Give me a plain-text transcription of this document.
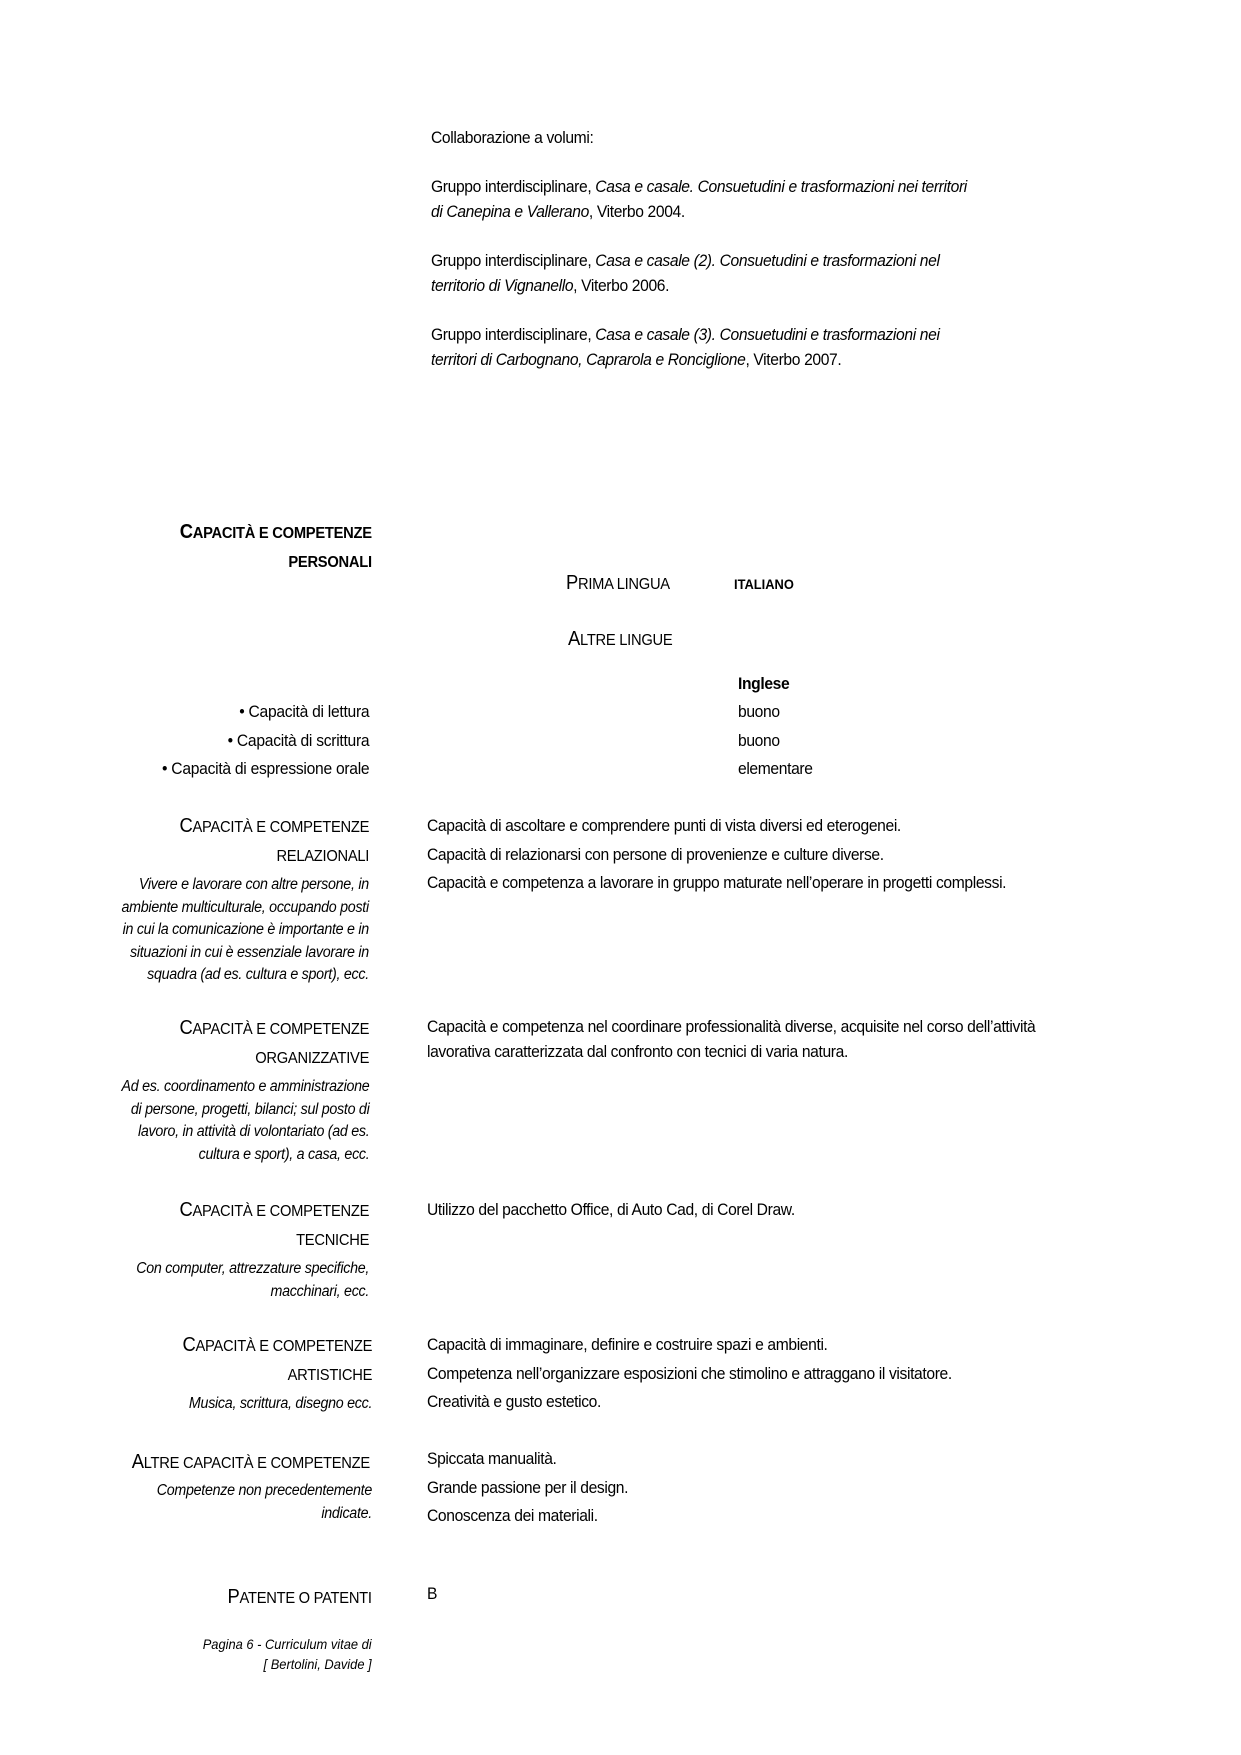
Collaborazione a volumi:

Gruppo interdisciplinare, Casa e casale. Consuetudini e trasformazioni nei territori
di Canepina e Vallerano, Viterbo 2004.

Gruppo interdisciplinare, Casa e casale (2). Consuetudini e trasformazioni nel
territorio di Vignanello, Viterbo 2006.

Gruppo interdisciplinare, Casa e casale (3). Consuetudini e trasformazioni nei
territori di Carbognano, Caprarola e Ronciglione, Viterbo 2007.

CAPACITÀ E COMPETENZE
PERSONALI
PRIMA LINGUA	ITALIANO
ALTRE LINGUE
Inglese
• Capacità di lettura
• Capacità di scrittura
• Capacità di espressione orale
buono
buono
elementare
CAPACITÀ E COMPETENZE
RELAZIONALI
Vivere e lavorare con altre persone, in
ambiente multiculturale, occupando posti
in cui la comunicazione è importante e in
situazioni in cui è essenziale lavorare in
squadra (ad es. cultura e sport), ecc.
Capacità di ascoltare e comprendere punti di vista diversi ed eterogenei.
Capacità di relazionarsi con persone di provenienze e culture diverse.
Capacità e competenza a lavorare in gruppo maturate nell’operare in progetti complessi.
CAPACITÀ E COMPETENZE
ORGANIZZATIVE
Ad es. coordinamento e amministrazione
di persone, progetti, bilanci; sul posto di
lavoro, in attività di volontariato (ad es.
cultura e sport), a casa, ecc.
Capacità e competenza nel coordinare professionalità diverse, acquisite nel corso dell’attività
lavorativa caratterizzata dal confronto con tecnici di varia natura.
CAPACITÀ E COMPETENZE
TECNICHE
Con computer, attrezzature specifiche,
macchinari, ecc.
Utilizzo del pacchetto Office, di Auto Cad, di Corel Draw.
CAPACITÀ E COMPETENZE
ARTISTICHE
Musica, scrittura, disegno ecc.
Capacità di immaginare, definire e costruire spazi e ambienti.
Competenza nell’organizzare esposizioni che stimolino e attraggano il visitatore.
Creatività e gusto estetico.
ALTRE CAPACITÀ E COMPETENZE
Competenze non precedentemente
indicate.
Spiccata manualità.
Grande passione per il design.
Conoscenza dei materiali.
PATENTE O PATENTI	B
Pagina 6 - Curriculum vitae di
[ Bertolini, Davide ]
